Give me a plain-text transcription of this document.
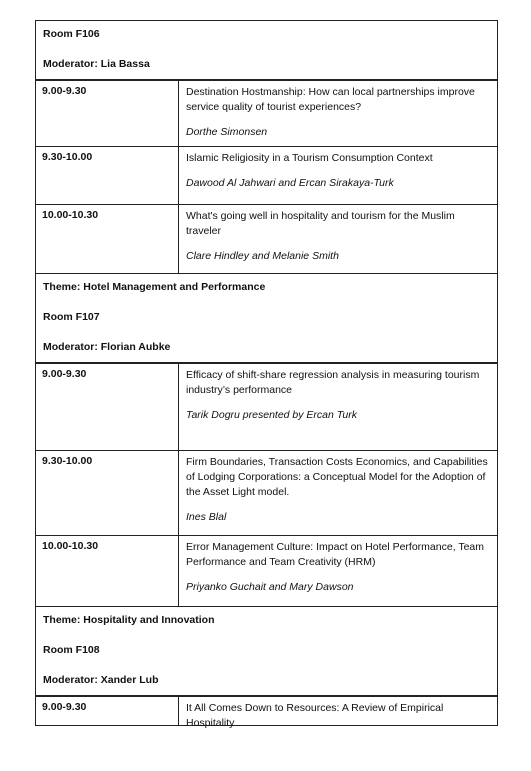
Room F106
Moderator: Lia Bassa
9.00-9.30	Destination Hostmanship: How can local partnerships improve service quality of tourist experiences?
Dorthe Simonsen
9.30-10.00	Islamic Religiosity in a Tourism Consumption Context
Dawood Al Jahwari and Ercan Sirakaya-Turk
10.00-10.30	What's going well in hospitality and tourism for the Muslim traveler
Clare Hindley and Melanie Smith
Theme: Hotel Management and Performance
Room F107
Moderator: Florian Aubke
9.00-9.30	Efficacy of shift-share regression analysis in measuring tourism industry’s performance
Tarik Dogru presented by Ercan Turk
9.30-10.00	Firm Boundaries, Transaction Costs Economics, and Capabilities of Lodging Corporations: a Conceptual Model for the Adoption of the Asset Light model.
Ines Blal
10.00-10.30	Error Management Culture: Impact on Hotel Performance, Team Performance and Team Creativity (HRM)
Priyanko Guchait and Mary Dawson
Theme: Hospitality and Innovation
Room F108
Moderator: Xander Lub
9.00-9.30	It All Comes Down to Resources: A Review of Empirical Hospitality
